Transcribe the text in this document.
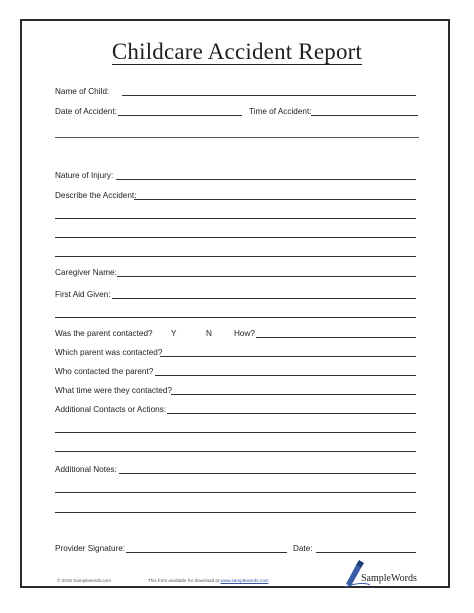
Childcare Accident Report
Name of Child:
Date of Accident:	Time of Accident:
Nature of Injury:
Describe the Accident:
Caregiver Name:
First Aid Given:
Was the parent contacted? Y	N	How?
Which parent was contacted?
Who contacted the parent?
What time were they contacted?
Additional Contacts or Actions:
Additional Notes:
Provider Signature:	Date:
© 2016 Samplewords.com	This form available for download at www.samplewords.com	SampleWords
